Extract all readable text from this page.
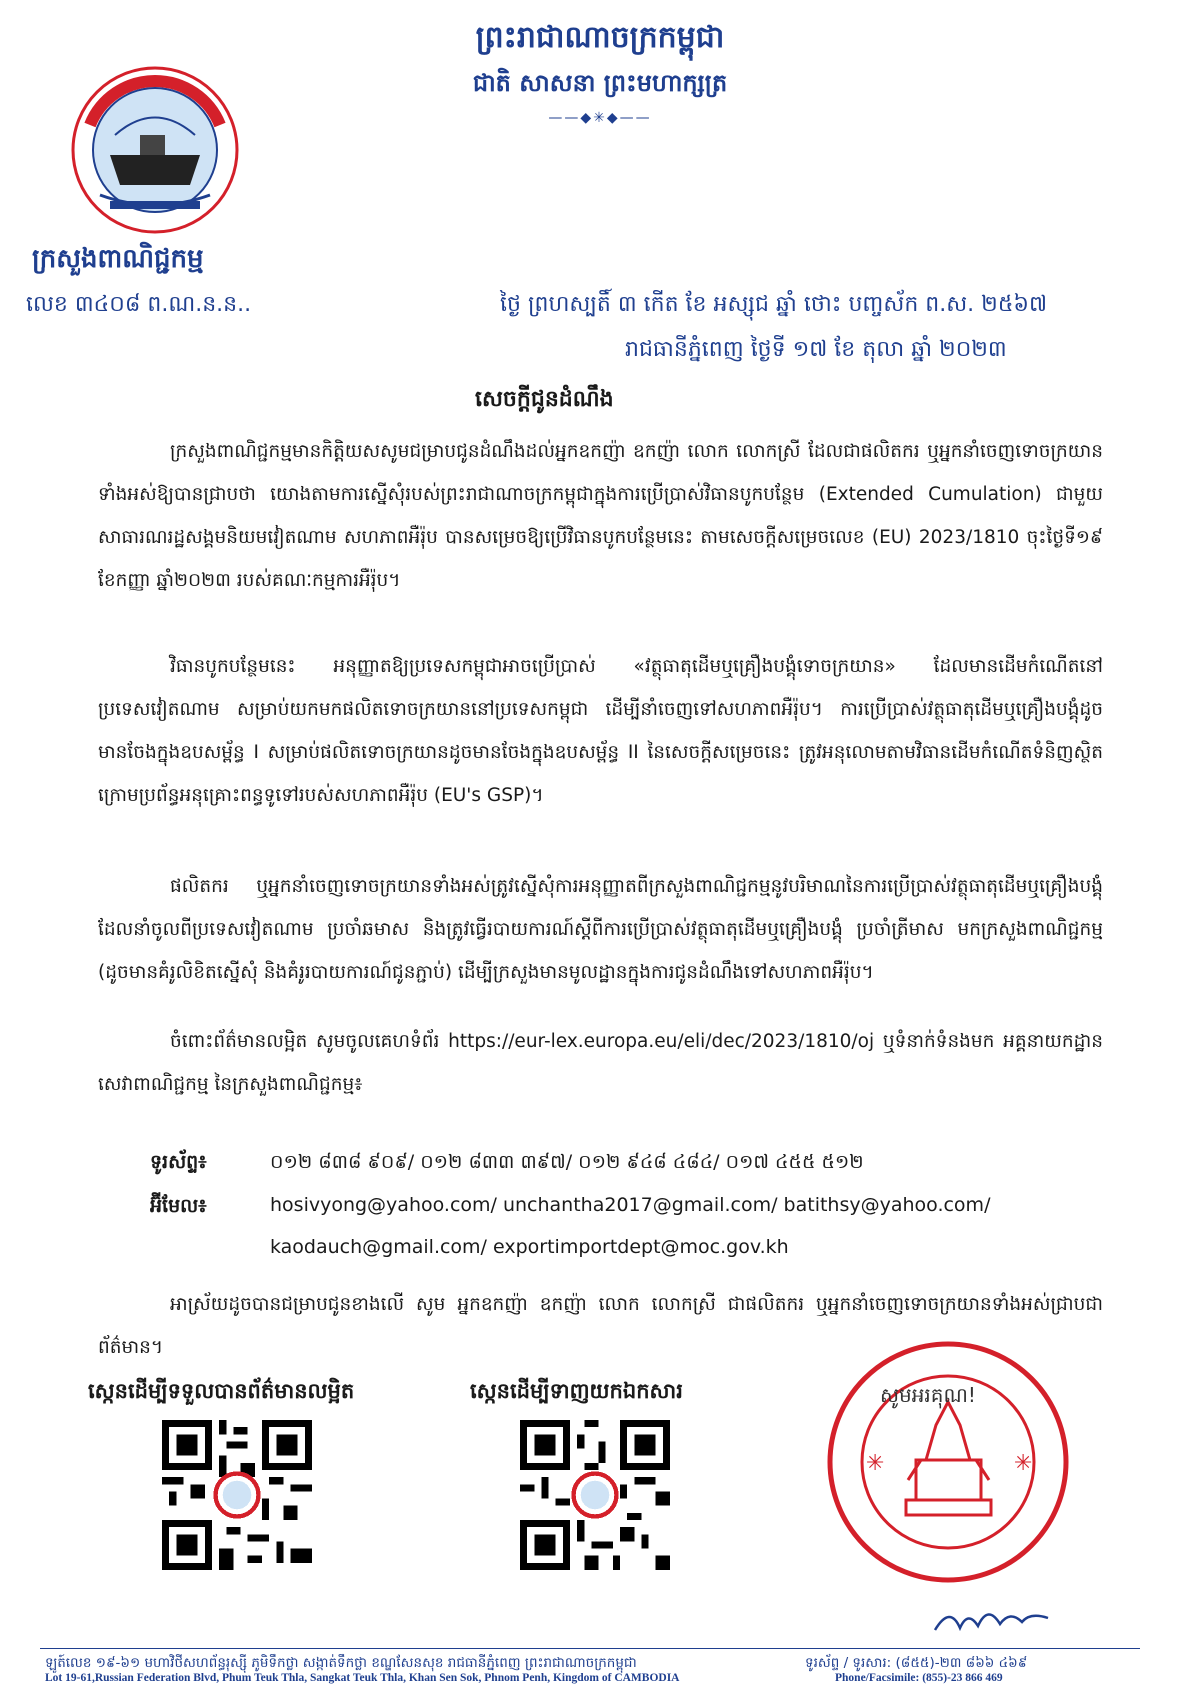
ព្រះរាជាណាចក្រកម្ពុជា
ជាតិ សាសនា ព្រះមហាក្សត្រ
——◆✳◆——
ក្រសួងពាណិជ្ជកម្ម
លេខ ៣៤០៨ ព.ណ.ន.ន..	ថ្ងៃ ព្រហស្បតិ៍ ៣ កើត ខែ អស្សុជ ឆ្នាំ ថោះ បញ្ចស័ក ព.ស. ២៥៦៧
រាជធានីភ្នំពេញ ថ្ងៃទី ១៧ ខែ តុលា ឆ្នាំ ២០២៣
សេចក្តីជូនដំណឹង
ក្រសួងពាណិជ្ជកម្មមានកិត្តិយសសូមជម្រាបជូនដំណឹងដល់អ្នកឧកញ៉ា ឧកញ៉ា លោក លោកស្រី ដែលជាផលិតករ ឬអ្នកនាំចេញទោចក្រយានទាំងអស់ឱ្យបានជ្រាបថា យោងតាមការស្នើសុំរបស់ព្រះរាជាណាចក្រកម្ពុជាក្នុងការប្រើប្រាស់វិធានបូកបន្ថែម (Extended Cumulation) ជាមួយសាធារណរដ្ឋសង្គមនិយមវៀតណាម សហភាពអឺរ៉ុប បានសម្រេចឱ្យប្រើវិធានបូកបន្ថែមនេះ តាមសេចក្តីសម្រេចលេខ (EU) 2023/1810 ចុះថ្ងៃទី១៩ ខែកញ្ញា ឆ្នាំ២០២៣ របស់គណៈកម្មការអឺរ៉ុប។
វិធានបូកបន្ថែមនេះ អនុញ្ញាតឱ្យប្រទេសកម្ពុជាអាចប្រើប្រាស់ «វត្ថុធាតុដើមឬគ្រឿងបង្គុំទោចក្រយាន» ដែលមានដើមកំណើតនៅប្រទេសវៀតណាម សម្រាប់យកមកផលិតទោចក្រយាននៅប្រទេសកម្ពុជា ដើម្បីនាំចេញទៅសហភាពអឺរ៉ុប។ ការប្រើប្រាស់វត្ថុធាតុដើមឬគ្រឿងបង្គុំដូចមានចែងក្នុងឧបសម្ព័ន្ធ I សម្រាប់ផលិតទោចក្រយានដូចមានចែងក្នុងឧបសម្ព័ន្ធ II នៃសេចក្តីសម្រេចនេះ ត្រូវអនុលោមតាមវិធានដើមកំណើតទំនិញស្ថិតក្រោមប្រព័ន្ធអនុគ្រោះពន្ធទូទៅរបស់សហភាពអឺរ៉ុប (EU's GSP)។
ផលិតករ ឬអ្នកនាំចេញទោចក្រយានទាំងអស់ត្រូវស្នើសុំការអនុញ្ញាតពីក្រសួងពាណិជ្ជកម្មនូវបរិមាណនៃការប្រើប្រាស់វត្ថុធាតុដើមឬគ្រឿងបង្គុំដែលនាំចូលពីប្រទេសវៀតណាម ប្រចាំឆមាស និងត្រូវធ្វើរបាយការណ៍ស្តីពីការប្រើប្រាស់វត្ថុធាតុដើមឬគ្រឿងបង្គុំ ប្រចាំត្រីមាស មកក្រសួងពាណិជ្ជកម្ម (ដូចមានគំរូលិខិតស្នើសុំ និងគំរូរបាយការណ៍ជូនភ្ជាប់) ដើម្បីក្រសួងមានមូលដ្ឋានក្នុងការជូនដំណឹងទៅសហភាពអឺរ៉ុប។
ចំពោះព័ត៌មានលម្អិត សូមចូលគេហទំព័រ https://eur-lex.europa.eu/eli/dec/2023/1810/oj ឬទំនាក់ទំនងមក អគ្គនាយកដ្ឋានសេវាពាណិជ្ជកម្ម នៃក្រសួងពាណិជ្ជកម្ម៖
ទូរស័ព្ទ៖	០១២ ៨៣៨ ៩០៩/ ០១២ ៨៣៣ ៣៩៧/ ០១២ ៩៤៨ ៤៨៤/ ០១៧ ៤៥៥ ៥១២
អ៊ីមែល៖	hosivyong@yahoo.com/ unchantha2017@gmail.com/ batithsy@yahoo.com/
kaodauch@gmail.com/ exportimportdept@moc.gov.kh
អាស្រ័យដូចបានជម្រាបជូនខាងលើ សូម អ្នកឧកញ៉ា ឧកញ៉ា លោក លោកស្រី ជាផលិតករ ឬអ្នកនាំចេញទោចក្រយានទាំងអស់ជ្រាបជាព័ត៌មាន។
ស្កេនដើម្បីទទួលបានព័ត៌មានលម្អិត	ស្កេនដើម្បីទាញយកឯកសារ
✳	✳
សូមអរគុណ!
ឡូត៍លេខ ១៩-៦១ មហាវិថីសហព័ន្ធរុស្ស៊ី ភូមិទឹកថ្លា សង្កាត់ទឹកថ្លា ខណ្ឌសែនសុខ រាជធានីភ្នំពេញ ព្រះរាជាណាចក្រកម្ពុជា	ទូរស័ព្ទ / ទូរសារ: (៨៥៥)-២៣ ៨៦៦ ៤៦៩
Lot 19-61,Russian Federation Blvd, Phum Teuk Thla, Sangkat Teuk Thla, Khan Sen Sok, Phnom Penh, Kingdom of CAMBODIA	Phone/Facsimile: (855)-23 866 469
